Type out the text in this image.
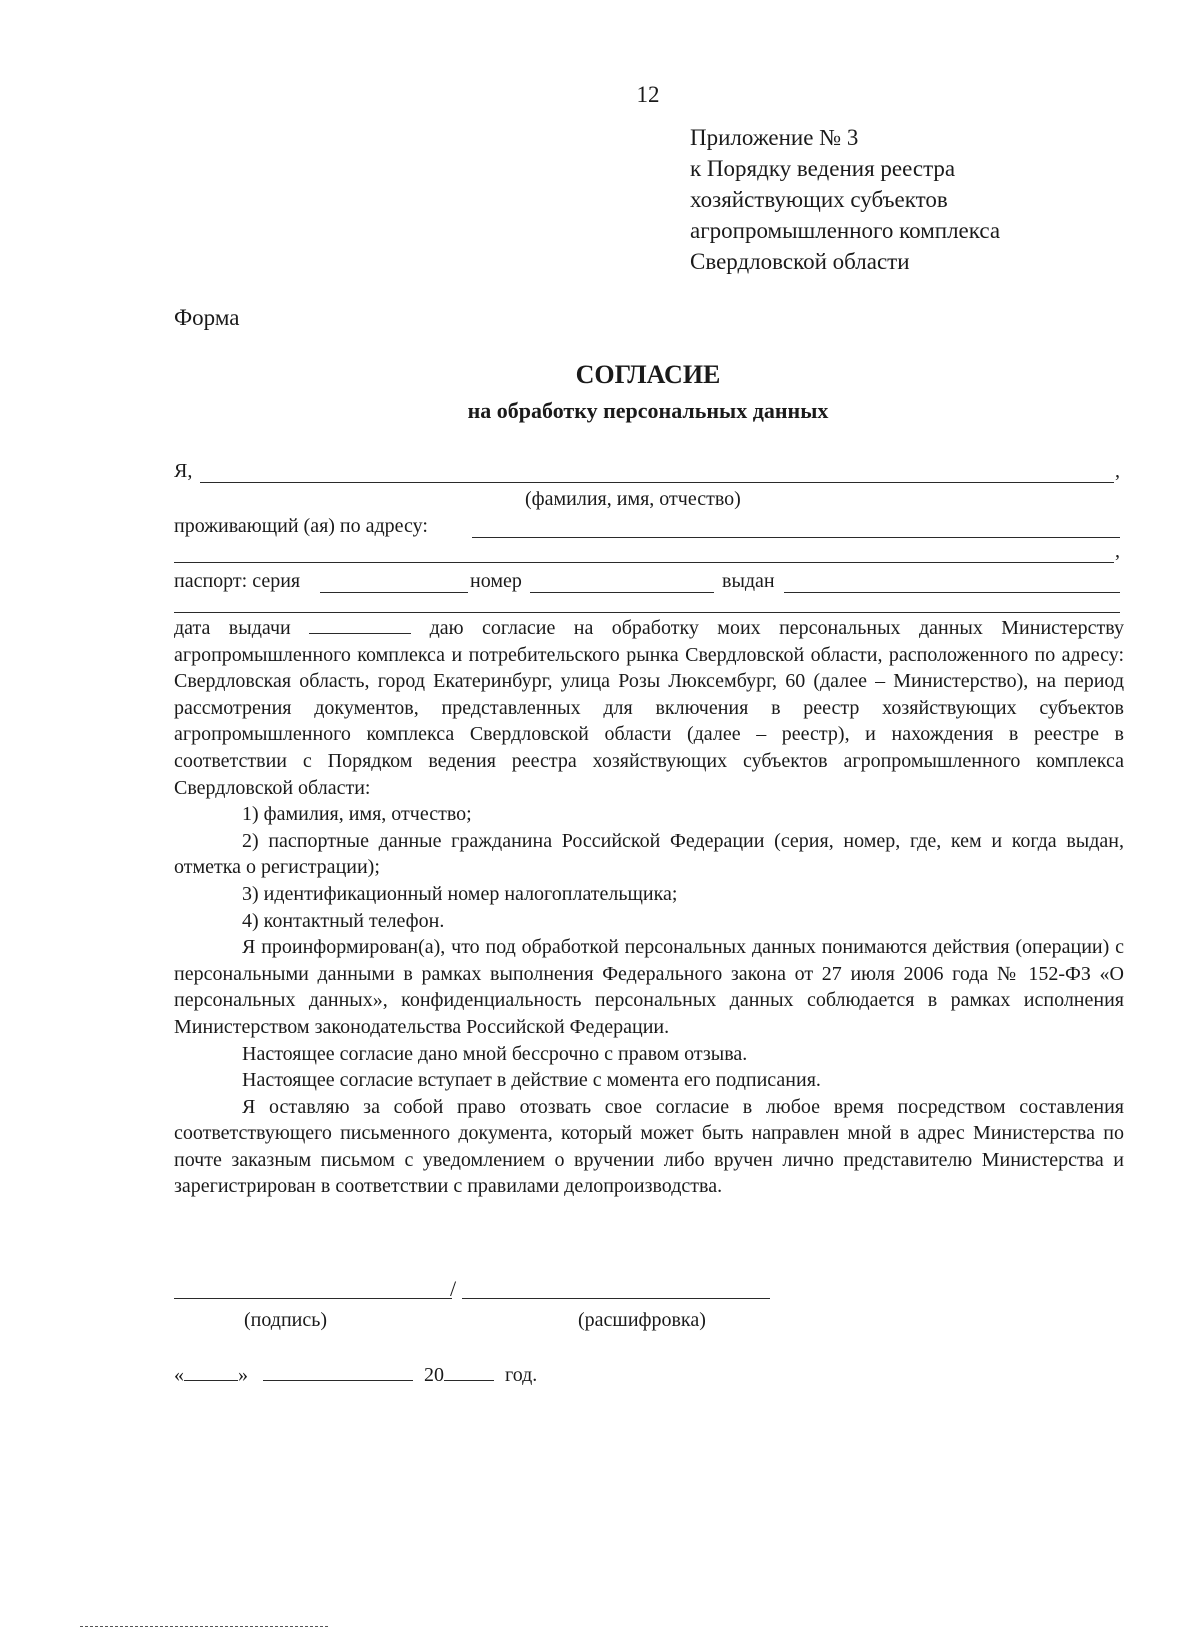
12
Приложение № 3
к Порядку ведения реестра
хозяйствующих субъектов
агропромышленного комплекса
Свердловской области
Форма
СОГЛАСИЕ
на обработку персональных данных
Я,	,
(фамилия, имя, отчество)
проживающий (ая) по адресу:
,
паспорт: серия	номер	выдан

дата выдачи	даю согласие на обработку моих персональных данных Министерству агропромышленного комплекса и потребительского рынка Свердловской области, расположенного по адресу: Свердловская область, город Екатеринбург, улица Розы Люксембург, 60 (далее – Министерство), на период рассмотрения документов, представленных для включения в реестр хозяйствующих субъектов агропромышленного комплекса Свердловской области (далее – реестр), и нахождения в реестре в соответствии с Порядком ведения реестра хозяйствующих субъектов агропромышленного комплекса Свердловской области:

1) фамилия, имя, отчество;

2) паспортные данные гражданина Российской Федерации (серия, номер, где, кем и когда выдан, отметка о регистрации);

3) идентификационный номер налогоплательщика;

4) контактный телефон.

Я проинформирован(а), что под обработкой персональных данных понимаются действия (операции) с персональными данными в рамках выполнения Федерального закона от 27 июля 2006 года № 152-ФЗ «О персональных данных», конфиденциальность персональных данных соблюдается в рамках исполнения Министерством законодательства Российской Федерации.

Настоящее согласие дано мной бессрочно с правом отзыва.

Настоящее согласие вступает в действие с момента его подписания.

Я оставляю за собой право отозвать свое согласие в любое время посредством составления соответствующего письменного документа, который может быть направлен мной в адрес Министерства по почте заказным письмом с уведомлением о вручении либо вручен лично представителю Министерства и зарегистрирован в соответствии с правилами делопроизводства.

/
(подпись)	(расшифровка)
«	»	20	год.
